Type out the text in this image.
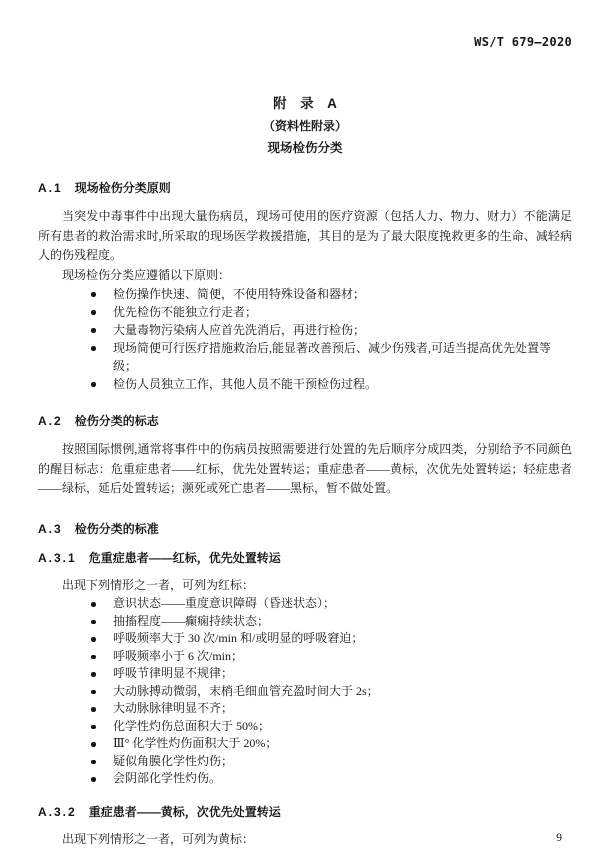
WS/T 679—2020
附　录　A
（资料性附录）
现场检伤分类
A.1 现场检伤分类原则

当突发中毒事件中出现大量伤病员，现场可使用的医疗资源（包括人力、物力、财力）不能满足所有患者的救治需求时,所采取的现场医学救援措施，其目的是为了最大限度挽救更多的生命、减轻病人的伤残程度。

现场检伤分类应遵循以下原则：

检伤操作快速、简便，不使用特殊设备和器材；
优先检伤不能独立行走者；
大量毒物污染病人应首先洗消后，再进行检伤；
现场简便可行医疗措施救治后,能显著改善预后、减少伤残者,可适当提高优先处置等级；
检伤人员独立工作，其他人员不能干预检伤过程。
A.2 检伤分类的标志

按照国际惯例,通常将事件中的伤病员按照需要进行处置的先后顺序分成四类，分别给予不同颜色的醒目标志：危重症患者——红标，优先处置转运；重症患者——黄标，次优先处置转运；轻症患者——绿标，延后处置转运；濒死或死亡患者——黑标，暂不做处置。

A.3 检伤分类的标准
A.3.1 危重症患者——红标，优先处置转运

出现下列情形之一者，可列为红标：

意识状态——重度意识障碍（昏迷状态）；
抽搐程度——癫痫持续状态；
呼吸频率大于 30 次/min 和/或明显的呼吸窘迫；
呼吸频率小于 6 次/min；
呼吸节律明显不规律；
大动脉搏动微弱，末梢毛细血管充盈时间大于 2s；
大动脉脉律明显不齐；
化学性灼伤总面积大于 50%；
Ⅲ° 化学性灼伤面积大于 20%；
疑似角膜化学性灼伤；
会阴部化学性灼伤。
A.3.2 重症患者——黄标，次优先处置转运

出现下列情形之一者，可列为黄标：	9
